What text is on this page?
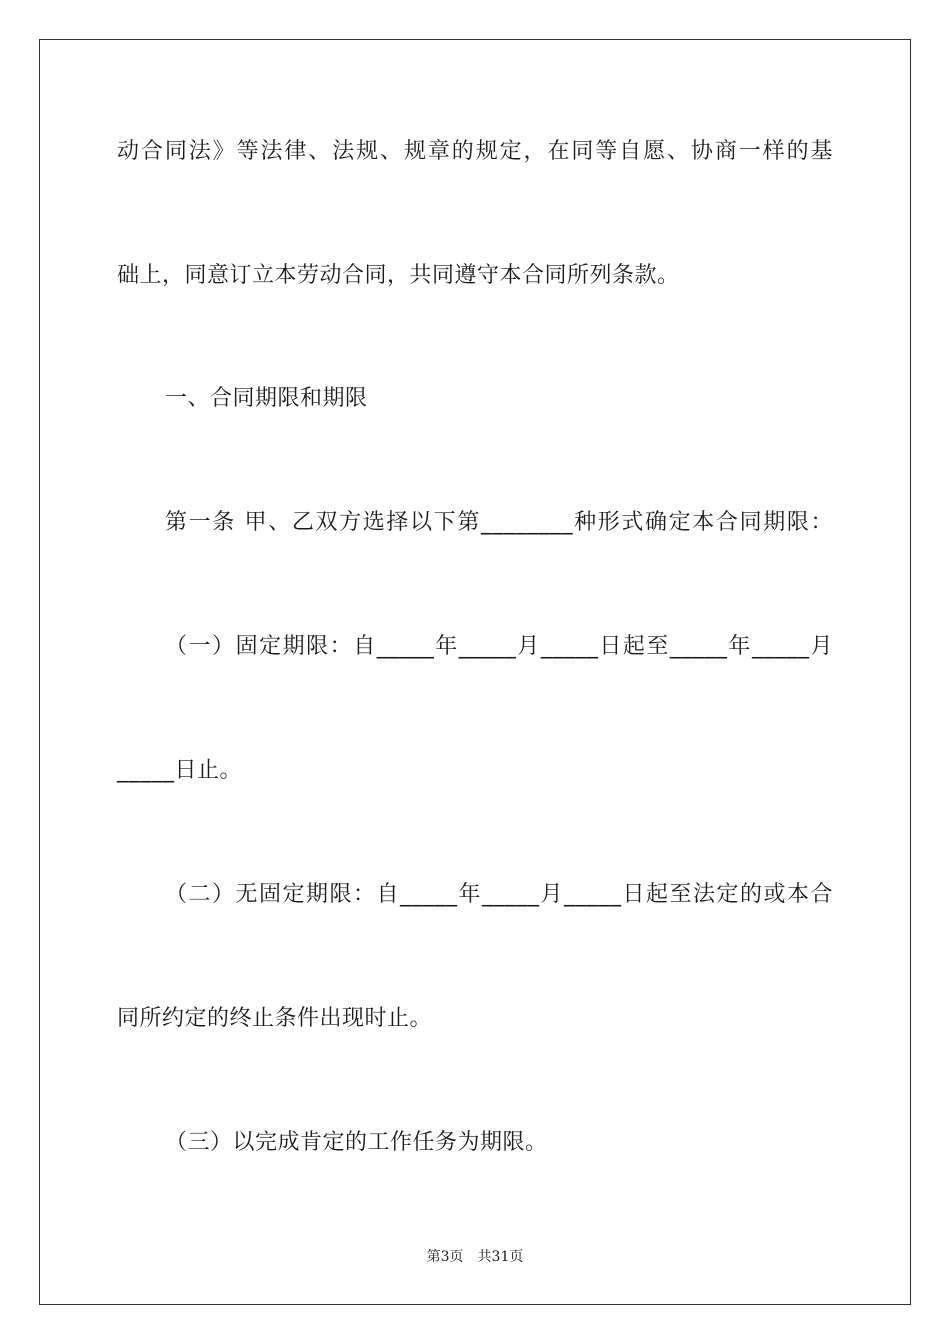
动合同法》等法律、法规、规章的规定，在同等自愿、协商一样的基
础上，同意订立本劳动合同，共同遵守本合同所列条款。
一、合同期限和期限
第一条 甲、乙双方选择以下第________种形式确定本合同期限：
（一）固定期限：自_____年_____月_____日起至_____年_____月
_____日止。
（二）无固定期限：自_____年_____月_____日起至法定的或本合
同所约定的终止条件出现时止。
（三）以完成肯定的工作任务为期限。
第3页　共31页
